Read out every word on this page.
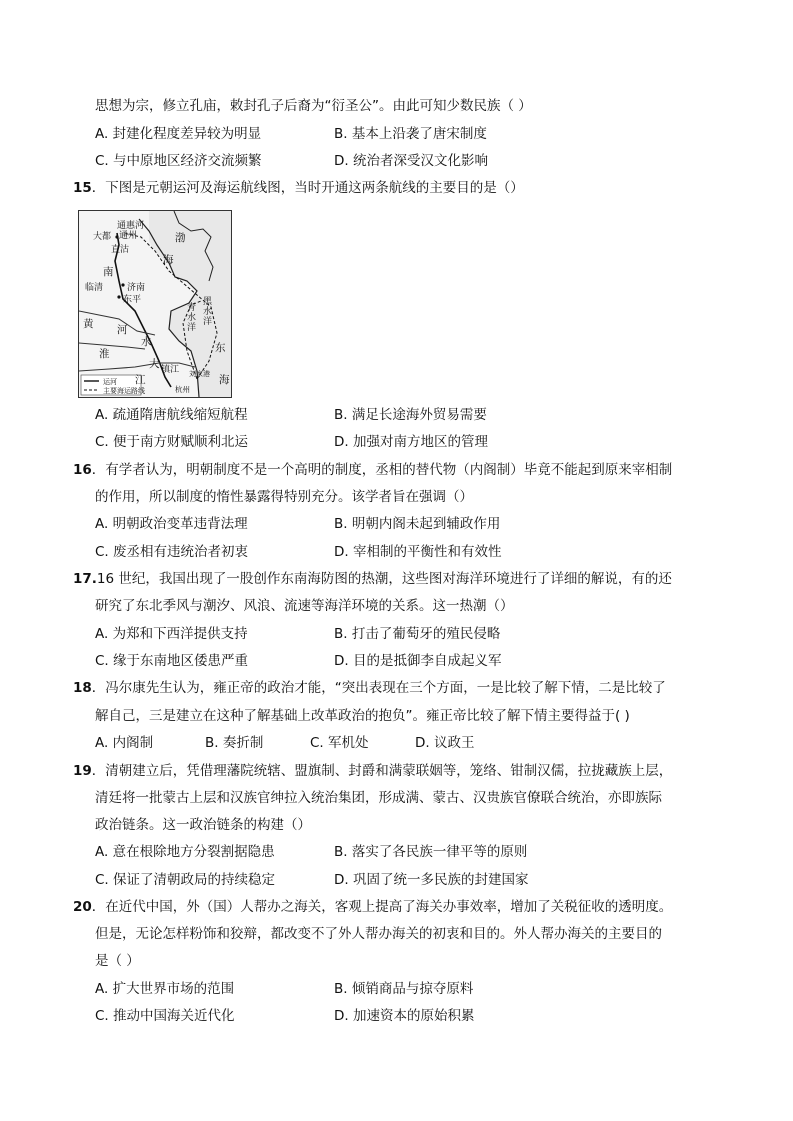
思想为宗，修立孔庙，敕封孔子后裔为“衍圣公”。由此可知少数民族（ ）
A. 封建化程度差异较为明显	B. 基本上沿袭了唐宋制度
C. 与中原地区经济交流频繁	D. 统治者深受汉文化影响
15．下图是元朝运河及海运航线图，当时开通这两条航线的主要目的是（）
通惠河
大都 通州
直沽
渤
海
南
临清	济南
东平
黄 河
淮
水
大
江
镇江
青水洋
黑水洋
东
海
刘家港
杭州
运河
主要海运路线
A. 疏通隋唐航线缩短航程	B. 满足长途海外贸易需要
C. 便于南方财赋顺利北运	D. 加强对南方地区的管理
16．有学者认为，明朝制度不是一个高明的制度，丞相的替代物（内阁制）毕竟不能起到原来宰相制
的作用，所以制度的惰性暴露得特别充分。该学者旨在强调（）
A. 明朝政治变革违背法理	B. 明朝内阁未起到辅政作用
C. 废丞相有违统治者初衷	D. 宰相制的平衡性和有效性
17.16 世纪，我国出现了一股创作东南海防图的热潮，这些图对海洋环境进行了详细的解说，有的还
研究了东北季风与潮汐、风浪、流速等海洋环境的关系。这一热潮（）
A. 为郑和下西洋提供支持	B. 打击了葡萄牙的殖民侵略
C. 缘于东南地区倭患严重	D. 目的是抵御李自成起义军
18．冯尔康先生认为，雍正帝的政治才能，“突出表现在三个方面，一是比较了解下情，二是比较了
解自己，三是建立在这种了解基础上改革政治的抱负”。雍正帝比较了解下情主要得益于( )
A. 内阁制	B. 奏折制	C. 军机处	D. 议政王
19．清朝建立后，凭借理藩院统辖、盟旗制、封爵和满蒙联姻等，笼络、钳制汉儒，拉拢藏族上层，
清廷将一批蒙古上层和汉族官绅拉入统治集团，形成满、蒙古、汉贵族官僚联合统治，亦即族际
政治链条。这一政治链条的构建（）
A. 意在根除地方分裂割据隐患	B. 落实了各民族一律平等的原则
C. 保证了清朝政局的持续稳定	D. 巩固了统一多民族的封建国家
20．在近代中国，外（国）人帮办之海关，客观上提高了海关办事效率，增加了关税征收的透明度。
但是，无论怎样粉饰和狡辩，都改变不了外人帮办海关的初衷和目的。外人帮办海关的主要目的
是（ ）
A. 扩大世界市场的范围	B. 倾销商品与掠夺原料
C. 推动中国海关近代化	D. 加速资本的原始积累
